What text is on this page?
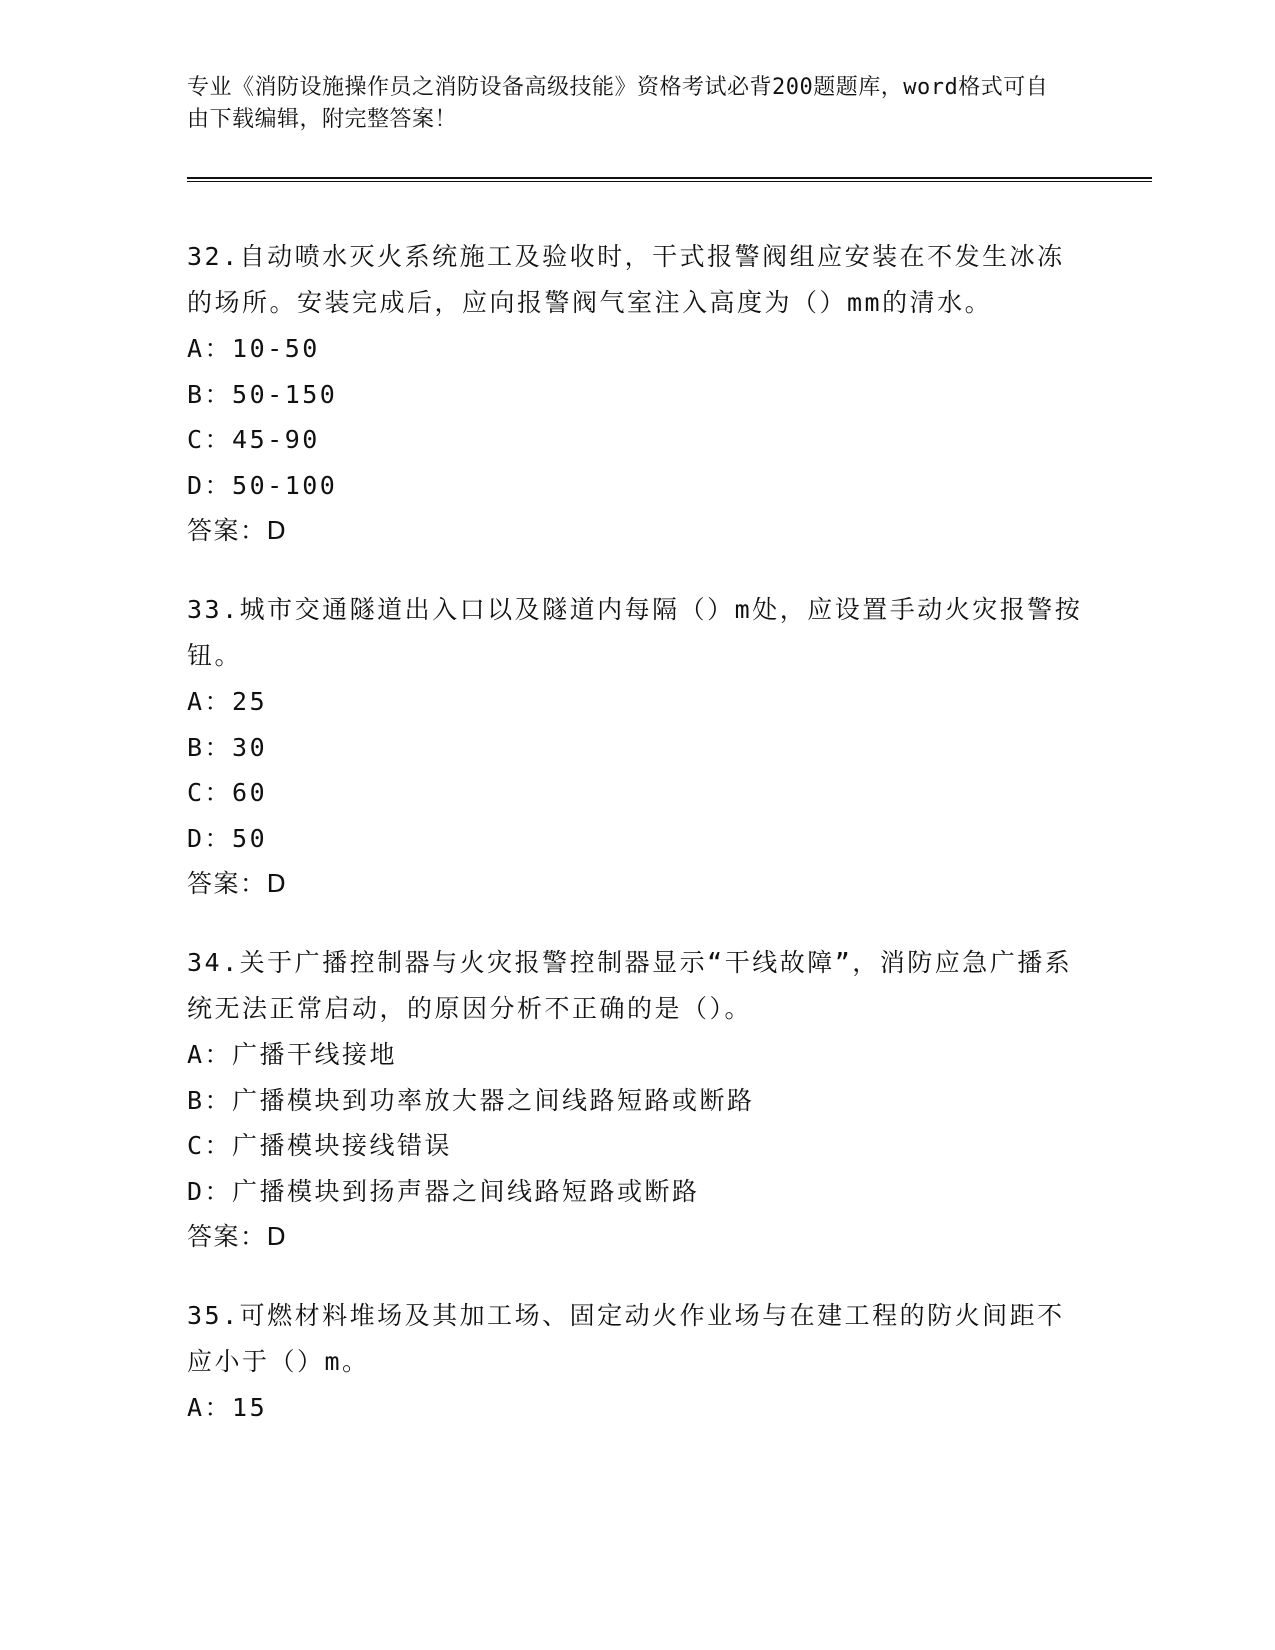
专业《消防设施操作员之消防设备高级技能》资格考试必背200题题库，word格式可自由下载编辑，附完整答案！

32.自动喷水灭火系统施工及验收时，干式报警阀组应安装在不发生冰冻的场所。安装完成后，应向报警阀气室注入高度为（）mm的清水。

A：10-50

B：50-150

C：45-90

D：50-100

答案：D

33.城市交通隧道出入口以及隧道内每隔（）m处，应设置手动火灾报警按钮。

A：25

B：30

C：60

D：50

答案：D

34.关于广播控制器与火灾报警控制器显示“干线故障”，消防应急广播系统无法正常启动，的原因分析不正确的是（）。

A：广播干线接地

B：广播模块到功率放大器之间线路短路或断路

C：广播模块接线错误

D：广播模块到扬声器之间线路短路或断路

答案：D

35.可燃材料堆场及其加工场、固定动火作业场与在建工程的防火间距不应小于（）m。

A：15
